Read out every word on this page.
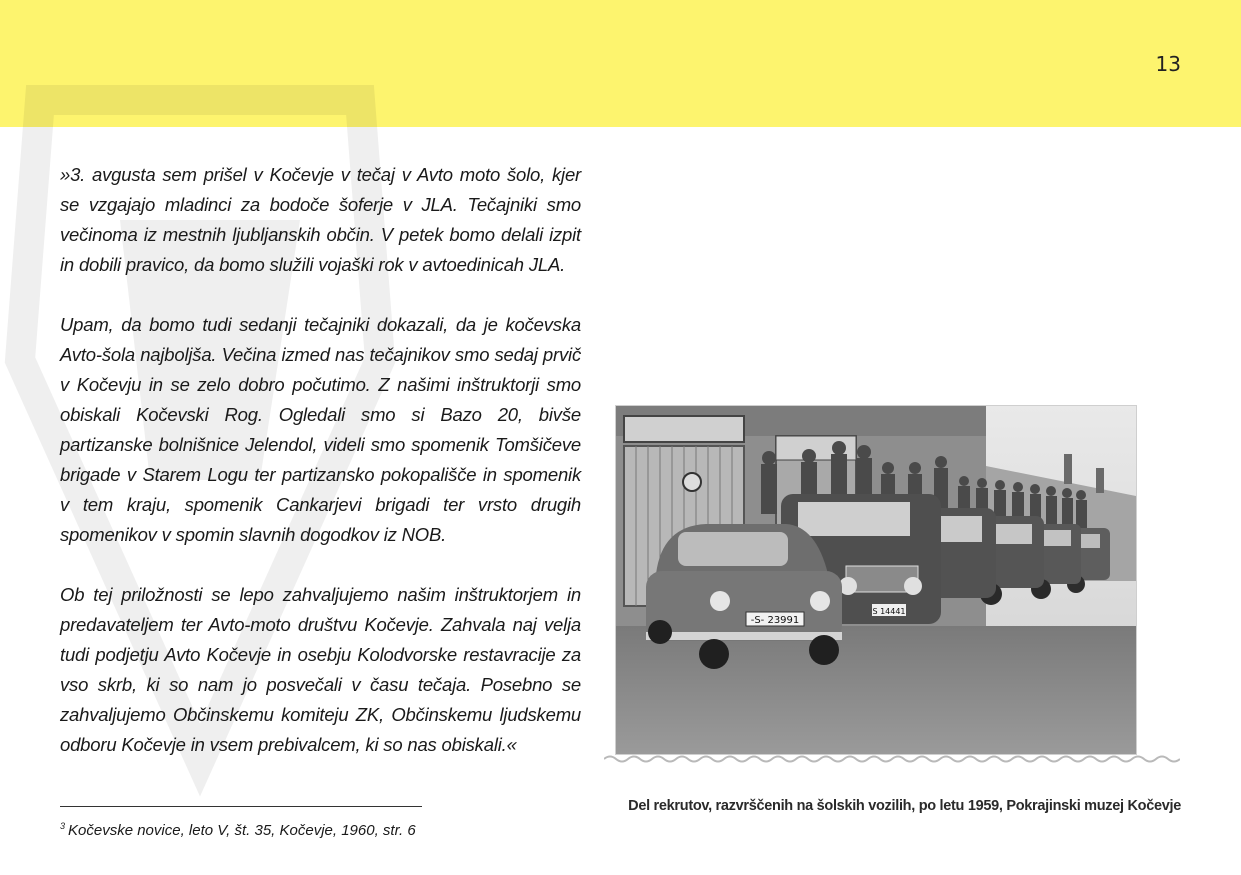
13

»3. avgusta sem prišel v Kočevje v tečaj v Avto moto šolo, kjer se vzgajajo mladinci za bodoče šoferje v JLA. Tečajniki smo večinoma iz mestnih ljubljanskih občin. V petek bomo delali izpit in dobili pravico, da bomo služili vojaški rok v avtoedinicah JLA.

Upam, da bomo tudi sedanji tečajniki dokazali, da je kočevska Avto-šola najboljša. Večina izmed nas tečajnikov smo sedaj prvič v Kočevju in se zelo dobro počutimo. Z našimi inštruktorji smo obiskali Kočevski Rog. Ogledali smo si Bazo 20, bivše partizanske bolnišnice Jelendol, videli smo spomenik Tomšičeve brigade v Starem Logu ter partizansko pokopališče in spomenik v tem kraju, spomenik Cankarjevi brigadi ter vrsto drugih spomenikov v spomin slavnih dogodkov iz NOB.

Ob tej priložnosti se lepo zahvaljujemo našim inštruktorjem in predavateljem ter Avto-moto društvu Kočevje. Zahvala naj velja tudi podjetju Avto Kočevje in osebju Kolodvorske restavracije za vso skrb, ki so nam jo posvečali v času tečaja. Posebno se zahvaljujemo Občinskemu komiteju ZK, Občinskemu ljudskemu odboru Kočevje in vsem prebivalcem, ki so nas obiskali.«

$^3$ Kočevske novice, leto V, št. 35, Kočevje, 1960, str. 6
S 14441
-S- 23991
Del rekrutov, razvrščenih na šolskih vozilih, po letu 1959, Pokrajinski muzej Kočevje
